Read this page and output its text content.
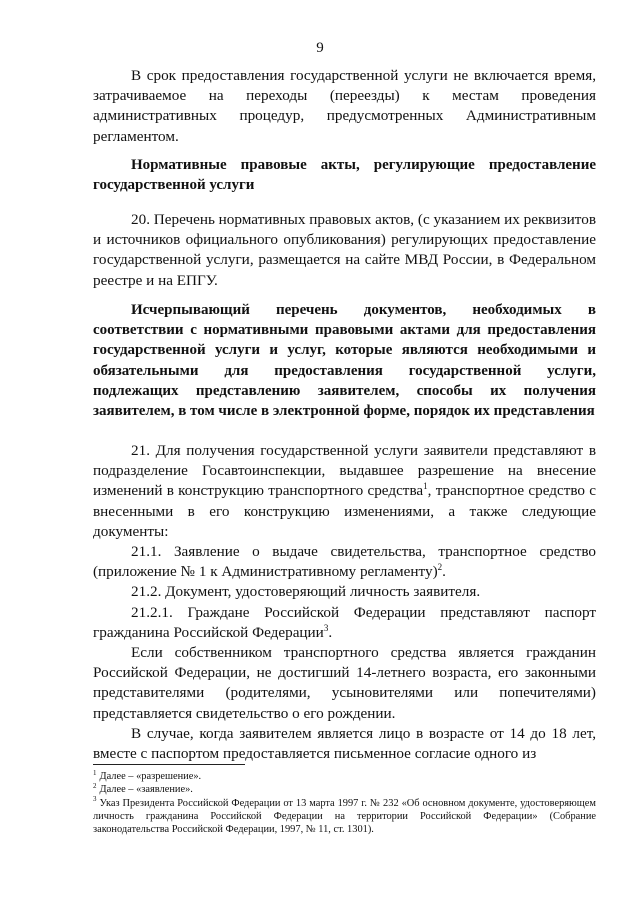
9

В срок предоставления государственной услуги не включается время, затрачиваемое на переходы (переезды) к местам проведения административных процедур, предусмотренных Административным регламентом.

Нормативные правовые акты, регулирующие предоставление государственной услуги

20. Перечень нормативных правовых актов, (с указанием их реквизитов и источников официального опубликования) регулирующих предоставление государственной услуги, размещается на сайте МВД России, в Федеральном реестре и на ЕПГУ.

Исчерпывающий перечень документов, необходимых в соответствии с нормативными правовыми актами для предоставления государственной услуги и услуг, которые являются необходимыми и обязательными для предоставления государственной услуги, подлежащих представлению заявителем, способы их получения заявителем, в том числе в электронной форме, порядок их представления

21. Для получения государственной услуги заявители представляют в подразделение Госавтоинспекции, выдавшее разрешение на внесение изменений в конструкцию транспортного средства$^1$, транспортное средство с внесенными в его конструкцию изменениями, а также следующие документы:

21.1. Заявление о выдаче свидетельства, транспортное средство (приложение № 1 к Административному регламенту)$^2$.

21.2. Документ, удостоверяющий личность заявителя.

21.2.1. Граждане Российской Федерации представляют паспорт гражданина Российской Федерации$^3$.

Если собственником транспортного средства является гражданин Российской Федерации, не достигший 14-летнего возраста, его законными представителями (родителями, усыновителями или попечителями) представляется свидетельство о его рождении.

В случае, когда заявителем является лицо в возрасте от 14 до 18 лет, вместе с паспортом предоставляется письменное согласие одного из

$^1$ Далее – «разрешение».

$^2$ Далее – «заявление».

$^3$ Указ Президента Российской Федерации от 13 марта 1997 г. № 232 «Об основном документе, удостоверяющем личность гражданина Российской Федерации на территории Российской Федерации» (Собрание законодательства Российской Федерации, 1997, № 11, ст. 1301).
